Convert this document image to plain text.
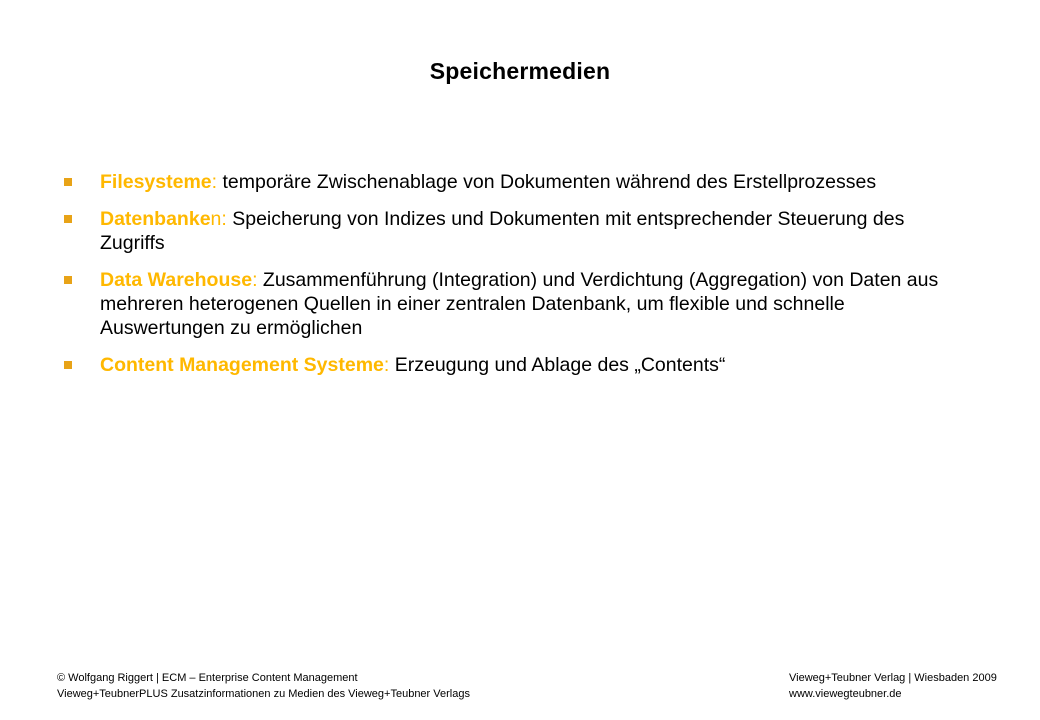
Speichermedien
Filesysteme: temporäre Zwischenablage von Dokumenten während des Erstellprozesses
Datenbanken: Speicherung von Indizes und Dokumenten mit entsprechender Steuerung des Zugriffs
Data Warehouse: Zusammenführung (Integration) und Verdichtung (Aggregation) von Daten aus mehreren heterogenen Quellen in einer zentralen Datenbank, um flexible und schnelle Auswertungen zu ermöglichen
Content Management Systeme: Erzeugung und Ablage des „Contents“
© Wolfgang Riggert | ECM – Enterprise Content Management
Vieweg+TeubnerPLUS Zusatzinformationen zu Medien des Vieweg+Teubner Verlags
Vieweg+Teubner Verlag | Wiesbaden 2009
www.viewegteubner.de
